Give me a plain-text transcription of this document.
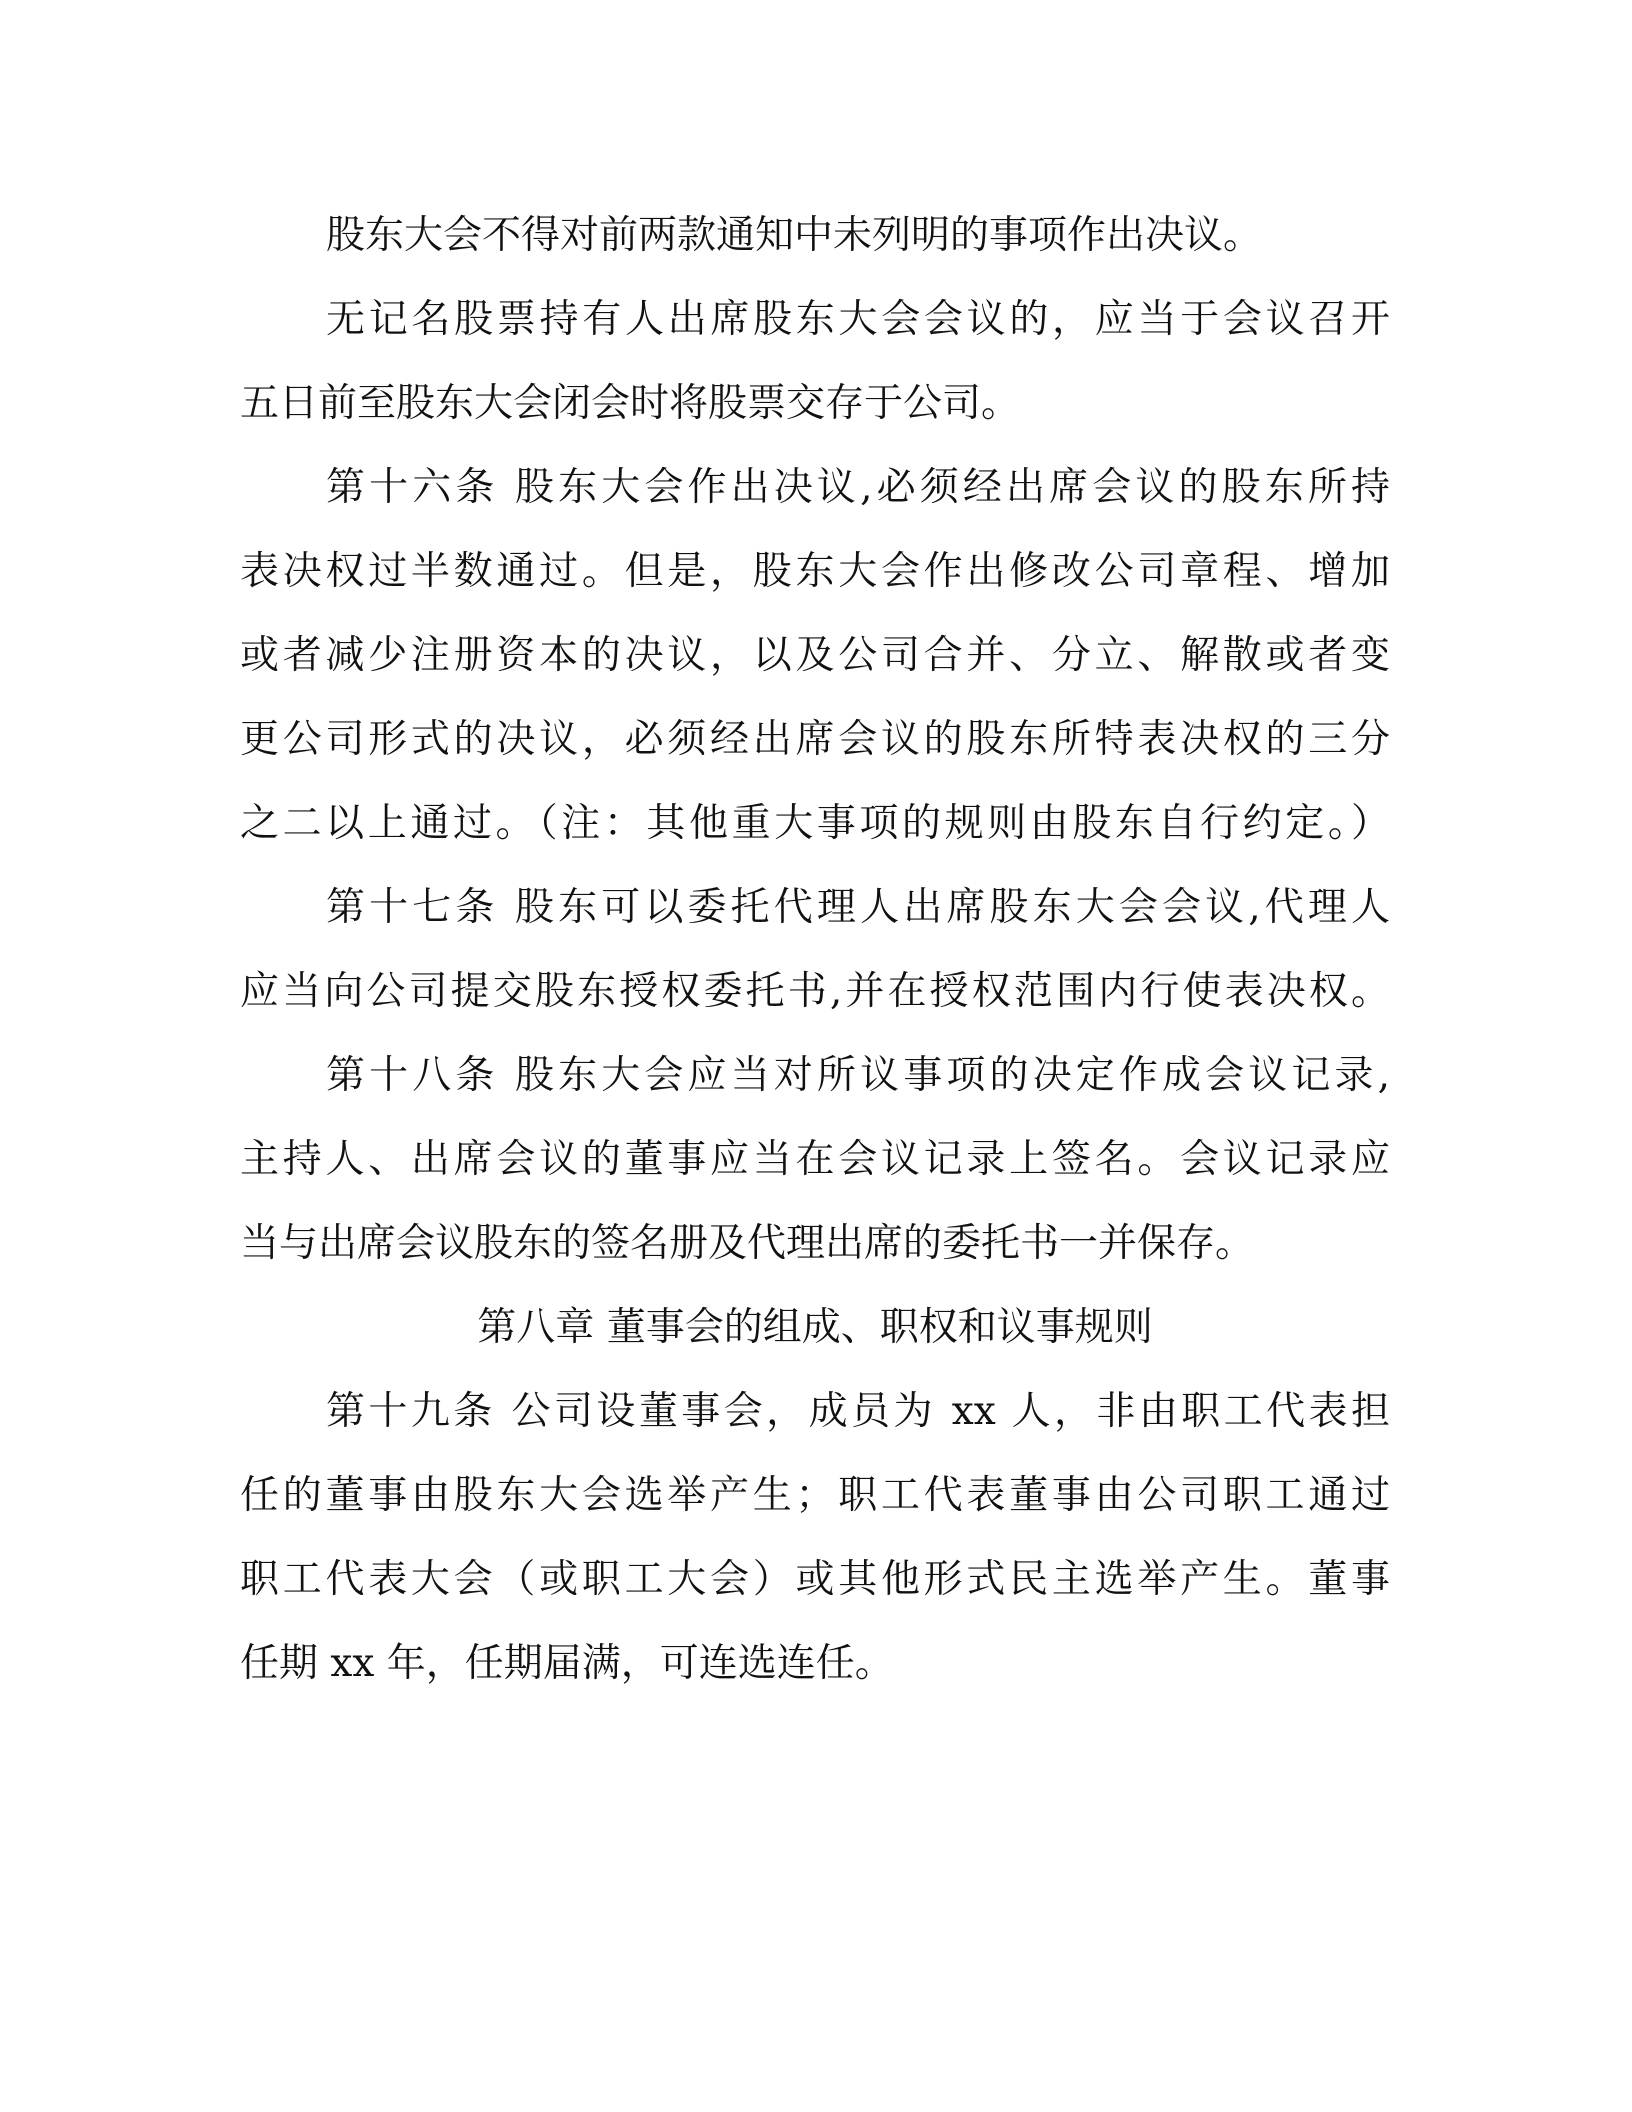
股东大会不得对前两款通知中未列明的事项作出决议。
无记名股票持有人出席股东大会会议的，应当于会议召开
五日前至股东大会闭会时将股票交存于公司。
第十六条 股东大会作出决议,必须经出席会议的股东所持
表决权过半数通过。但是，股东大会作出修改公司章程、增加
或者减少注册资本的决议，以及公司合并、分立、解散或者变
更公司形式的决议，必须经出席会议的股东所特表决权的三分
之二以上通过。（注：其他重大事项的规则由股东自行约定。）
第十七条 股东可以委托代理人出席股东大会会议,代理人
应当向公司提交股东授权委托书,并在授权范围内行使表决权。
第十八条 股东大会应当对所议事项的决定作成会议记录,
主持人、出席会议的董事应当在会议记录上签名。会议记录应
当与出席会议股东的签名册及代理出席的委托书一并保存。
第八章 董事会的组成、职权和议事规则
第十九条 公司设董事会，成员为 xx 人，非由职工代表担
任的董事由股东大会选举产生；职工代表董事由公司职工通过
职工代表大会（或职工大会）或其他形式民主选举产生。董事
任期 xx 年，任期届满，可连选连任。
